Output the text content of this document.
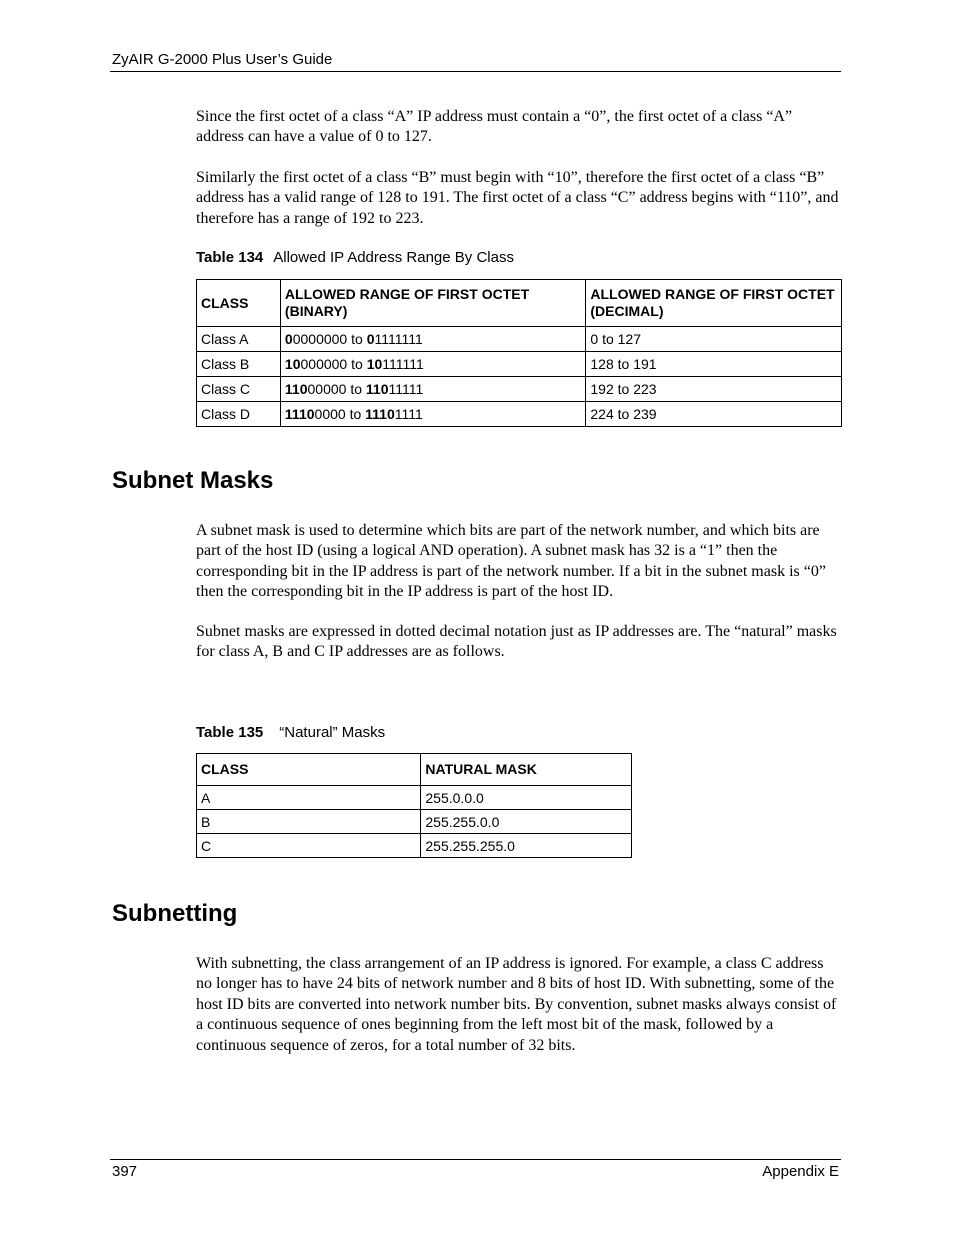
ZyAIR G-2000 Plus User’s Guide
Since the first octet of a class “A” IP address must contain a “0”, the first octet of a class “A” address can have a value of 0 to 127.
Similarly the first octet of a class “B” must begin with “10”, therefore the first octet of a class “B” address has a valid range of 128 to 191. The first octet of a class “C” address begins with “110”, and therefore has a range of 192 to 223.
Table 134 Allowed IP Address Range By Class
CLASS	ALLOWED RANGE OF FIRST OCTET (BINARY)	ALLOWED RANGE OF FIRST OCTET (DECIMAL)
Class A	00000000 to 01111111	0 to 127
Class B	10000000 to 10111111	128 to 191
Class C	11000000 to 11011111	192 to 223
Class D	11100000 to 11101111	224 to 239
Subnet Masks
A subnet mask is used to determine which bits are part of the network number, and which bits are part of the host ID (using a logical AND operation). A subnet mask has 32 is a “1” then the corresponding bit in the IP address is part of the network number. If a bit in the subnet mask is “0” then the corresponding bit in the IP address is part of the host ID.
Subnet masks are expressed in dotted decimal notation just as IP addresses are. The “natural” masks for class A, B and C IP addresses are as follows.
Table 135 “Natural” Masks
CLASS	NATURAL MASK
A	255.0.0.0
B	255.255.0.0
C	255.255.255.0
Subnetting
With subnetting, the class arrangement of an IP address is ignored. For example, a class C address no longer has to have 24 bits of network number and 8 bits of host ID. With subnetting, some of the host ID bits are converted into network number bits. By convention, subnet masks always consist of a continuous sequence of ones beginning from the left most bit of the mask, followed by a continuous sequence of zeros, for a total number of 32 bits.
397	Appendix E
